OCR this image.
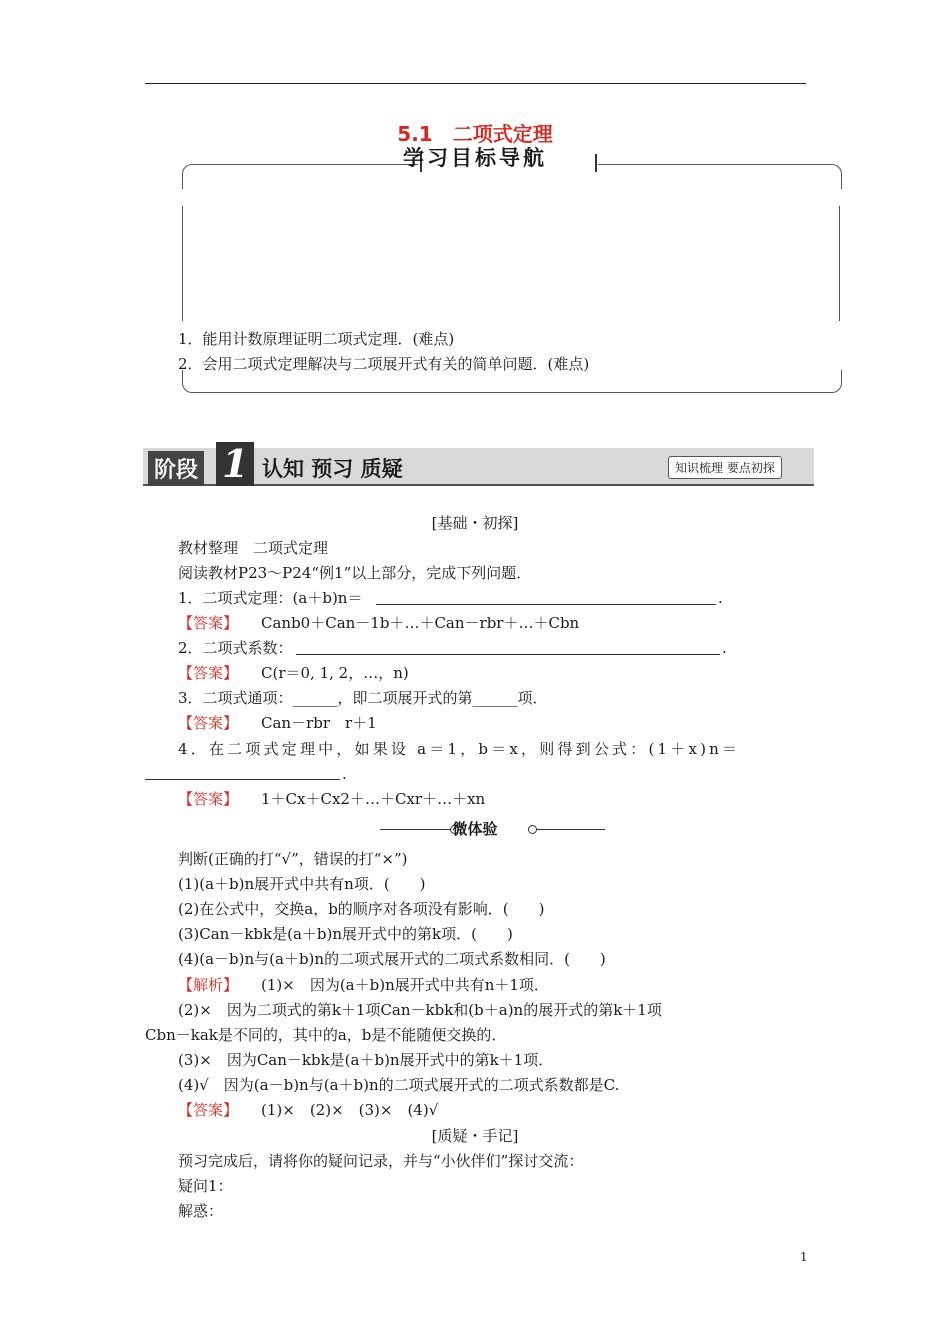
5.1　二项式定理
学习目标导航
1．能用计数原理证明二项式定理．(难点)
2．会用二项式定理解决与二项展开式有关的简单问题．(难点)
阶段 1 认知 预习 质疑	知识梳理 要点初探
[基础・初探]
教材整理　二项式定理
阅读教材P23～P24“例1”以上部分，完成下列问题．
1．二项式定理：(a＋b)n＝	.
【答案】 Canb0＋Can－1b＋…＋Can－rbr＋…＋Cbn
2．二项式系数：	.
【答案】 C(r＝0, 1, 2，…，n)
3．二项式通项：______，即二项展开式的第______项．
【答案】 Can－rbr　r＋1
4．在二项式定理中，如果设 a＝1，b＝x，则得到公式：(1＋x)n＝
.
【答案】 1＋Cx＋Cx2＋…＋Cxr＋…＋xn
微体验
判断(正确的打“√”，错误的打“×”)
(1)(a＋b)n展开式中共有n项．(　　)
(2)在公式中，交换a，b的顺序对各项没有影响．(　　)
(3)Can－kbk是(a＋b)n展开式中的第k项．(　　)
(4)(a－b)n与(a＋b)n的二项式展开式的二项式系数相同．(　　)
【解析】 (1)×　因为(a＋b)n展开式中共有n＋1项．
(2)×　因为二项式的第k＋1项Can－kbk和(b＋a)n的展开式的第k＋1项
Cbn－kak是不同的，其中的a，b是不能随便交换的．
(3)×　因为Can－kbk是(a＋b)n展开式中的第k＋1项．
(4)√　因为(a－b)n与(a＋b)n的二项式展开式的二项式系数都是C.
【答案】 (1)×　(2)×　(3)×　(4)√
[质疑・手记]
预习完成后，请将你的疑问记录，并与“小伙伴们”探讨交流：
疑问1：
解惑：
1
